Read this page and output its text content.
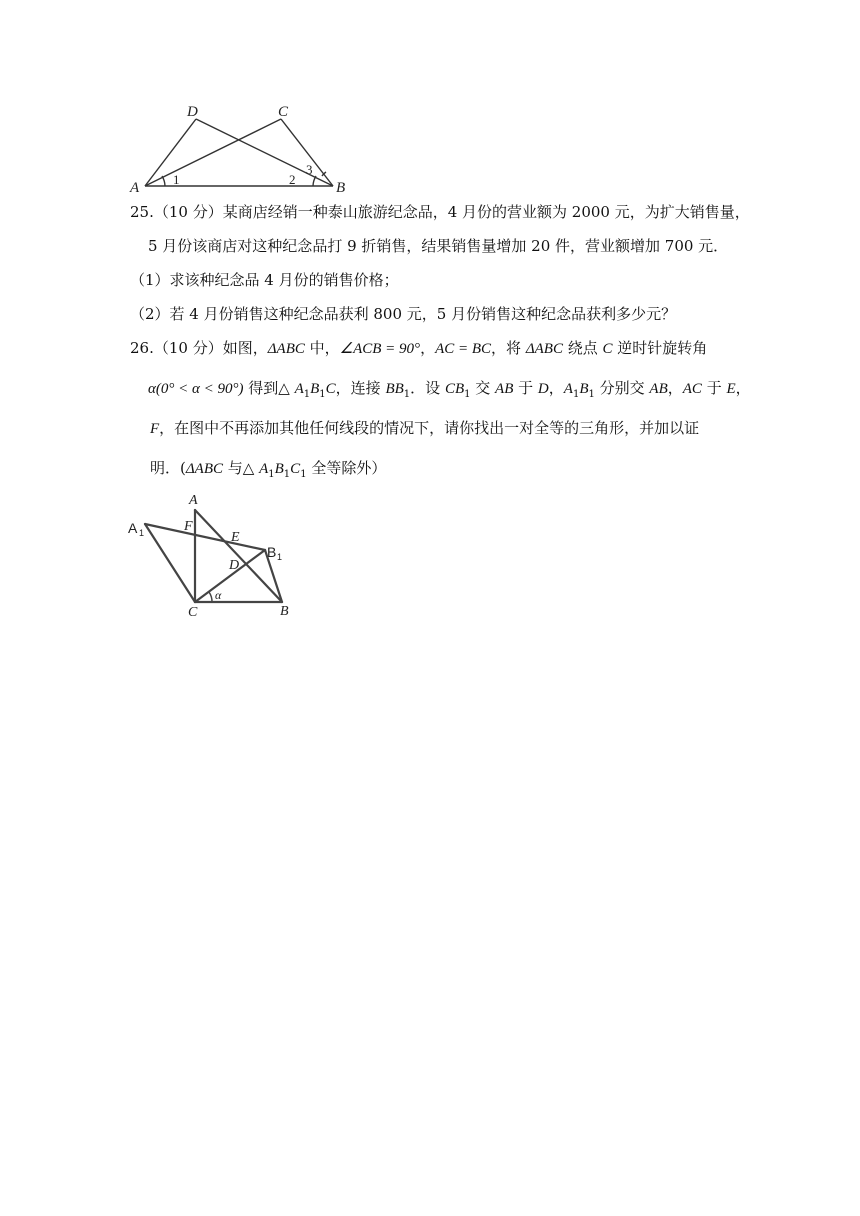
A	B
C
D
1	2
3
25.（10 分）某商店经销一种泰山旅游纪念品，4 月份的营业额为 2000 元，为扩大销售量，
5 月份该商店对这种纪念品打 9 折销售，结果销售量增加 20 件，营业额增加 700 元．
（1）求该种纪念品 4 月份的销售价格；
（2）若 4 月份销售这种纪念品获利 800 元，5 月份销售这种纪念品获利多少元？
26.（10 分）如图，ΔABC 中，∠ACB = 90°，AC = BC，将 ΔABC 绕点 C 逆时针旋转角
α(0° < α < 90°) 得到△ $A_1B_1C$，连接 $BB_1$．设 $CB_1$ 交 AB 于 D，$A_1B_1$ 分别交 AB，AC 于 E，
F，在图中不再添加其他任何线段的情况下，请你找出一对全等的三角形，并加以证
明．(ΔABC 与△ $A_1B_1C_1$ 全等除外）
A
A 1	F
E
B 1
D
C
α
B
